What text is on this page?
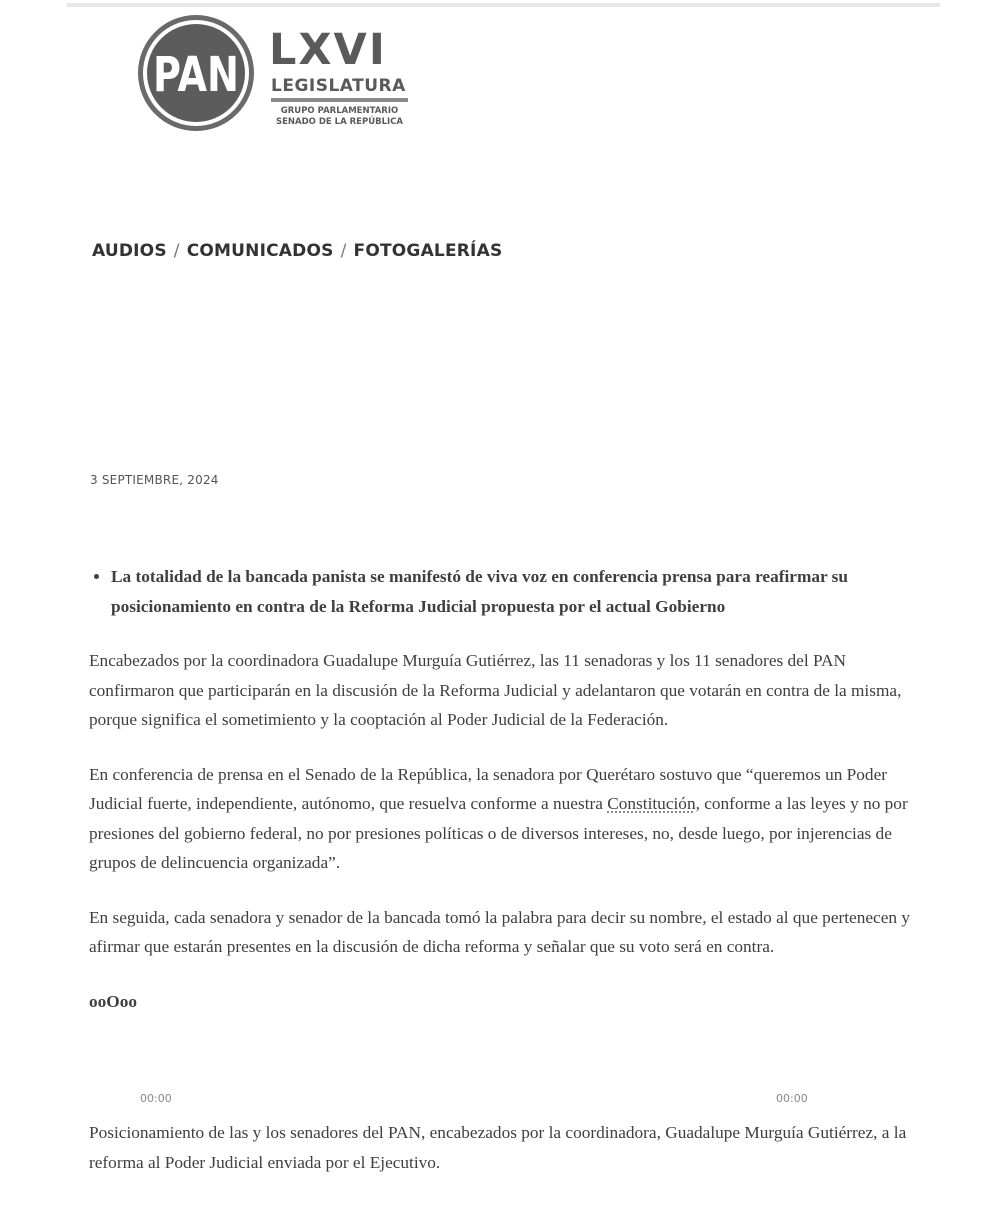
PAN LXVI
LEGISLATURA
GRUPO PARLAMENTARIO
SENADO DE LA REPÚBLICA
AUDIOS / COMUNICADOS / FOTOGALERÍAS
3 SEPTIEMBRE, 2024
• La totalidad de la bancada panista se manifestó de viva voz en conferencia prensa para reafirmar su posicionamiento en contra de la Reforma Judicial propuesta por el actual Gobierno

Encabezados por la coordinadora Guadalupe Murguía Gutiérrez, las 11 senadoras y los 11 senadores del PAN confirmaron que participarán en la discusión de la Reforma Judicial y adelantaron que votarán en contra de la misma, porque significa el sometimiento y la cooptación al Poder Judicial de la Federación.

En conferencia de prensa en el Senado de la República, la senadora por Querétaro sostuvo que “queremos un Poder Judicial fuerte, independiente, autónomo, que resuelva conforme a nuestra Constitución, conforme a las leyes y no por presiones del gobierno federal, no por presiones políticas o de diversos intereses, no, desde luego, por injerencias de grupos de delincuencia organizada”.

En seguida, cada senadora y senador de la bancada tomó la palabra para decir su nombre, el estado al que pertenecen y afirmar que estarán presentes en la discusión de dicha reforma y señalar que su voto será en contra.

ooOoo

00:00	00:00
Posicionamiento de las y los senadores del PAN, encabezados por la coordinadora, Guadalupe Murguía Gutiérrez, a la reforma al Poder Judicial enviada por el Ejecutivo.
